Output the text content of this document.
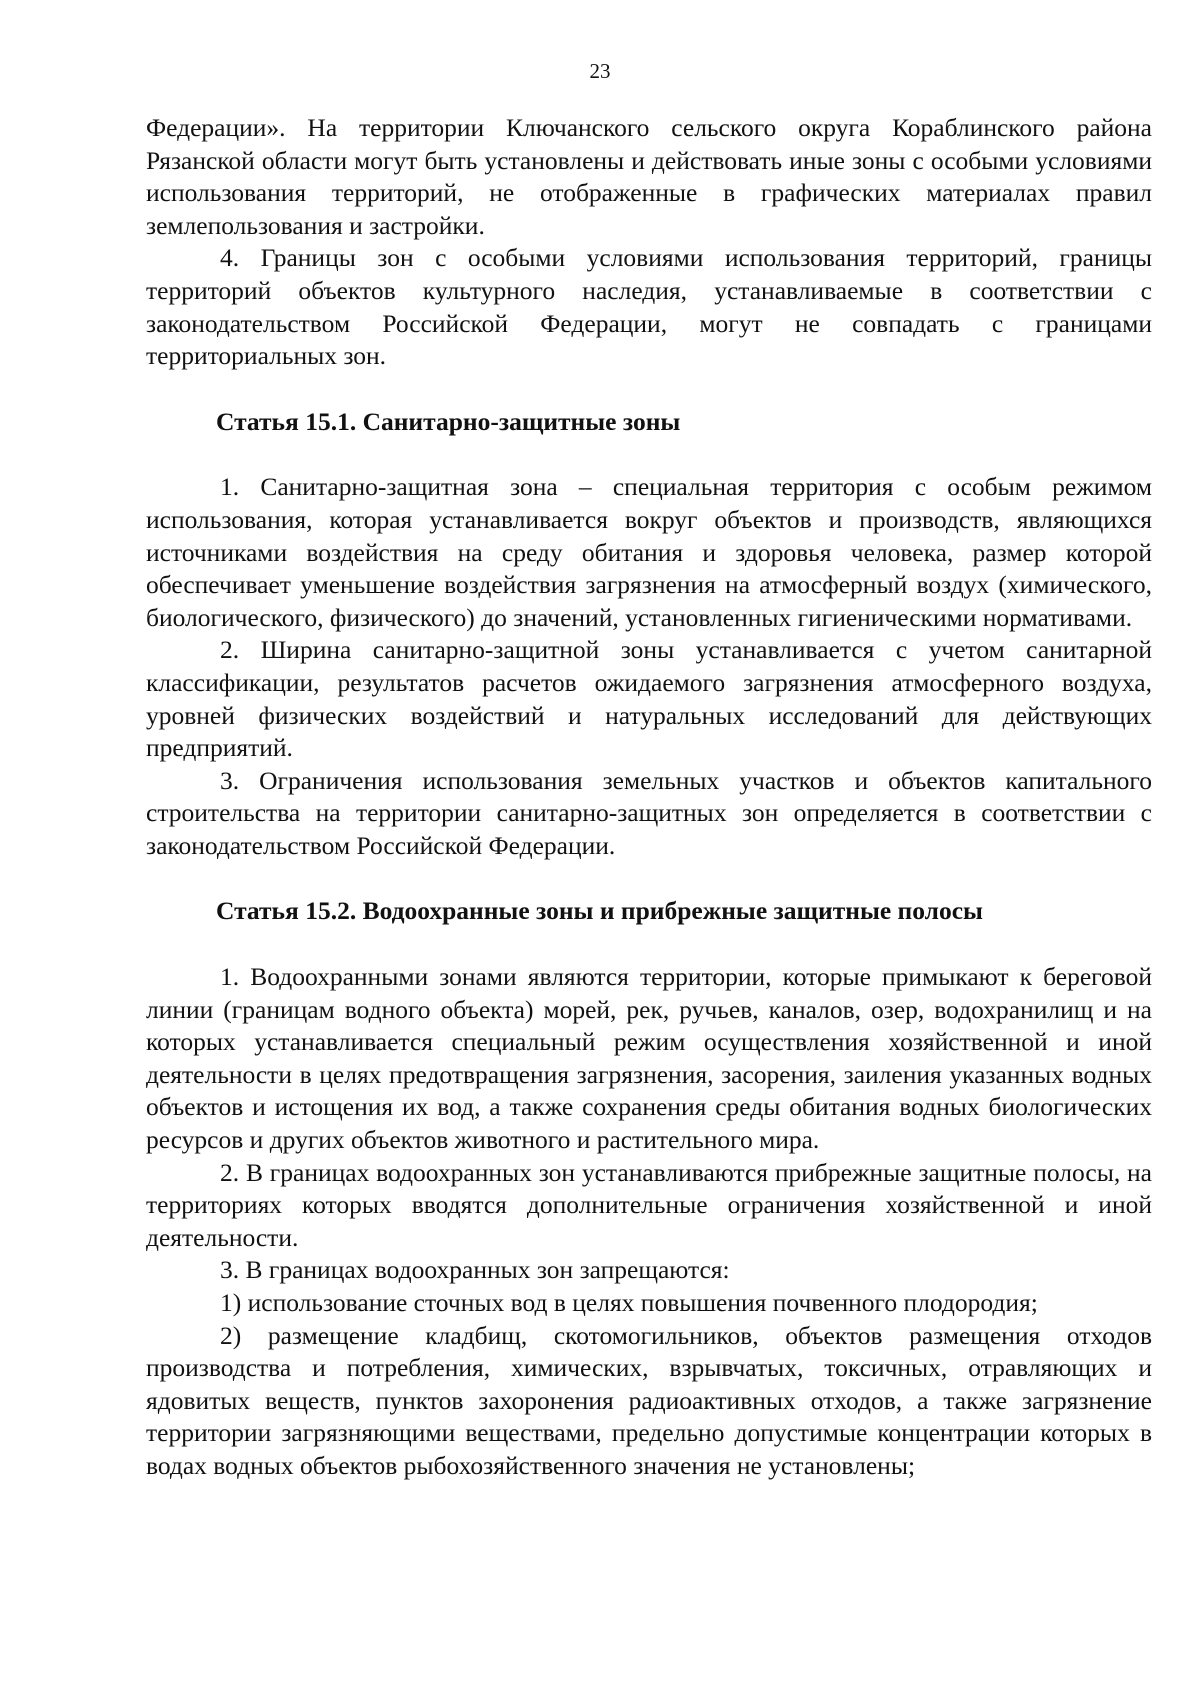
23

Федерации». На территории Ключанского сельского округа Кораблинского района Рязанской области могут быть установлены и действовать иные зоны с особыми условиями использования территорий, не отображенные в графических материалах правил землепользования и застройки.

4. Границы зон с особыми условиями использования территорий, границы территорий объектов культурного наследия, устанавливаемые в соответствии с законодательством Российской Федерации, могут не совпадать с границами территориальных зон.

Статья 15.1. Санитарно-защитные зоны

1. Санитарно-защитная зона – специальная территория с особым режимом использования, которая устанавливается вокруг объектов и производств, являющихся источниками воздействия на среду обитания и здоровья человека, размер которой обеспечивает уменьшение воздействия загрязнения на атмосферный воздух (химического, биологического, физического) до значений, установленных гигиеническими нормативами.

2. Ширина санитарно-защитной зоны устанавливается с учетом санитарной классификации, результатов расчетов ожидаемого загрязнения атмосферного воздуха, уровней физических воздействий и натуральных исследований для действующих предприятий.

3. Ограничения использования земельных участков и объектов капитального строительства на территории санитарно-защитных зон определяется в соответствии с законодательством Российской Федерации.

Статья 15.2. Водоохранные зоны и прибрежные защитные полосы

1. Водоохранными зонами являются территории, которые примыкают к береговой линии (границам водного объекта) морей, рек, ручьев, каналов, озер, водохранилищ и на которых устанавливается специальный режим осуществления хозяйственной и иной деятельности в целях предотвращения загрязнения, засорения, заиления указанных водных объектов и истощения их вод, а также сохранения среды обитания водных биологических ресурсов и других объектов животного и растительного мира.

2. В границах водоохранных зон устанавливаются прибрежные защитные полосы, на территориях которых вводятся дополнительные ограничения хозяйственной и иной деятельности.

3. В границах водоохранных зон запрещаются:

1) использование сточных вод в целях повышения почвенного плодородия;

2) размещение кладбищ, скотомогильников, объектов размещения отходов производства и потребления, химических, взрывчатых, токсичных, отравляющих и ядовитых веществ, пунктов захоронения радиоактивных отходов, а также загрязнение территории загрязняющими веществами, предельно допустимые концентрации которых в водах водных объектов рыбохозяйственного значения не установлены;
